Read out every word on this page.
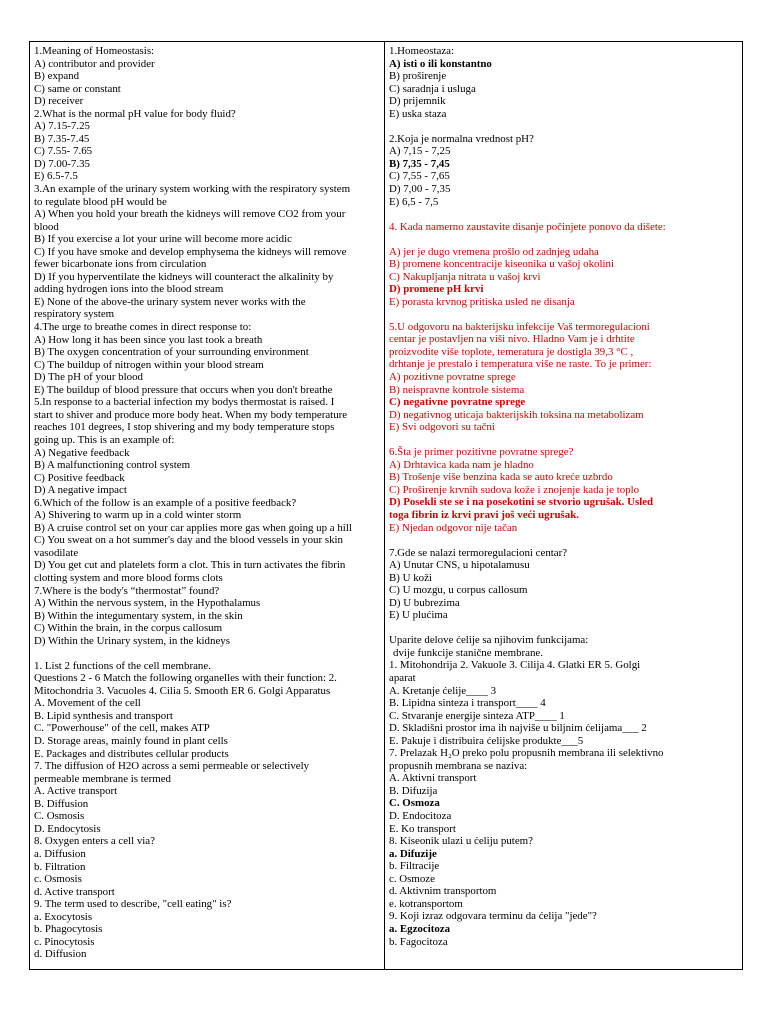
1.Meaning of Homeostasis:
A) contributor and provider
B) expand
C) same or constant
D) receiver
2.What is the normal pH value for body fluid?
A) 7.15-7.25
B) 7.35-7.45
C) 7.55- 7.65
D) 7.00-7.35
E) 6.5-7.5
3.An example of the urinary system working with the respiratory system
to regulate blood pH would be
A) When you hold your breath the kidneys will remove CO2 from your
blood
B) If you exercise a lot your urine will become more acidic
C) If you have smoke and develop emphysema the kidneys will remove
fewer bicarbonate ions from circulation
D) If you hyperventilate the kidneys will counteract the alkalinity by
adding hydrogen ions into the blood stream
E) None of the above-the urinary system never works with the
respiratory system
4.The urge to breathe comes in direct response to:
A) How long it has been since you last took a breath
B) The oxygen concentration of your surrounding environment
C) The buildup of nitrogen within your blood stream
D) The pH of your blood
E) The buildup of blood pressure that occurs when you don't breathe
5.In response to a bacterial infection my bodys thermostat is raised. I
start to shiver and produce more body heat. When my body temperature
reaches 101 degrees, I stop shivering and my body temperature stops
going up. This is an example of:
A) Negative feedback
B) A malfunctioning control system
C) Positive feedback
D) A negative impact
6.Which of the follow is an example of a positive feedback?
A) Shivering to warm up in a cold winter storm
B) A cruise control set on your car applies more gas when going up a hill
C) You sweat on a hot summer's day and the blood vessels in your skin
vasodilate
D) You get cut and platelets form a clot. This in turn activates the fibrin
clotting system and more blood forms clots
7.Where is the body's “thermostat” found?
A) Within the nervous system, in the Hypothalamus
B) Within the integumentary system, in the skin
C) Within the brain, in the corpus callosum
D) Within the Urinary system, in the kidneys
1. List 2 functions of the cell membrane.
Questions 2 - 6 Match the following organelles with their function: 2.
Mitochondria 3. Vacuoles 4. Cilia 5. Smooth ER 6. Golgi Apparatus
A. Movement of the cell
B. Lipid synthesis and transport
C. "Powerhouse" of the cell, makes ATP
D. Storage areas, mainly found in plant cells
E. Packages and distributes cellular products
7. The diffusion of H2O across a semi permeable or selectively
permeable membrane is termed
A. Active transport
B. Diffusion
C. Osmosis
D. Endocytosis
8. Oxygen enters a cell via?
a. Diffusion
b. Filtration
c. Osmosis
d. Active transport
9. The term used to describe, "cell eating" is?
a. Exocytosis
b. Phagocytosis
c. Pinocytosis
d. Diffusion
1.Homeostaza:
A) isti o ili konstantno
B) proširenje
C) saradnja i usluga
D) prijemnik
E) uska staza
2.Koja je normalna vrednost pH?
A) 7,15 - 7,25
B) 7,35 - 7,45
C) 7,55 - 7,65
D) 7,00 - 7,35
E) 6,5 - 7,5
4. Kada namerno zaustavite disanje počinjete ponovo da dišete:
A) jer je dugo vremena prošlo od zadnjeg udaha
B) promene koncentracije kiseonika u vašoj okolini
C) Nakupljanja nitrata u vašoj krvi
D) promene pH krvi
E) porasta krvnog pritiska usled ne disanja
5.U odgovoru na bakterijsku infekcije Vaš termoregulacioni
centar je postavljen na viši nivo. Hladno Vam je i drhtite
proizvodite više toplote, temeratura je dostigla 39,3 °C ,
drhtanje je prestalo i temperatura više ne raste. To je primer:
A) pozitivne povratne sprege
B) neispravne kontrole sistema
C) negativne povratne sprege
D) negativnog uticaja bakterijskih toksina na metabolizam
E) Svi odgovori su tačni
6.Šta je primer pozitivne povratne sprege?
A) Drhtavica kada nam je hladno
B) Trošenje više benzina kada se auto kreće uzbrdo
C) Proširenje krvnih sudova kože i znojenje kada je toplo
D) Posekli ste se i na posekotini se stvorio ugrušak. Usled
toga fibrin iz krvi pravi još veći ugrušak.
E) Njedan odgovor nije tačan
7.Gde se nalazi termoregulacioni centar?
A) Unutar CNS, u hipotalamusu
B) U koži
C) U mozgu, u corpus callosum
D) U bubrezima
E) U plućima
Uparite delove ćelije sa njihovim funkcijama:
dvije funkcije stanične membrane.
1. Mitohondrija 2. Vakuole 3. Cilija 4. Glatki ER 5. Golgi
aparat
A. Kretanje ćelije____ 3
B. Lipidna sinteza i transport____ 4
C. Stvaranje energije sinteza ATP____ 1
D. Skladišni prostor ima ih najviše u biljnim ćelijama___ 2
E. Pakuje i distribuira ćelijske produkte___5
7. Prelazak H₂O preko polu propusnih membrana ili selektivno
propusnih membrana se naziva:
A. Aktivni transport
B. Difuzija
C. Osmoza
D. Endocitoza
E. Ko transport
8. Kiseonik ulazi u ćeliju putem?
a. Difuzije
b. Filtracije
c. Osmoze
d. Aktivnim transportom
e. kotransportom
9. Koji izraz odgovara terminu da ćelija "jede"?
a. Egzocitoza
b. Fagocitoza
